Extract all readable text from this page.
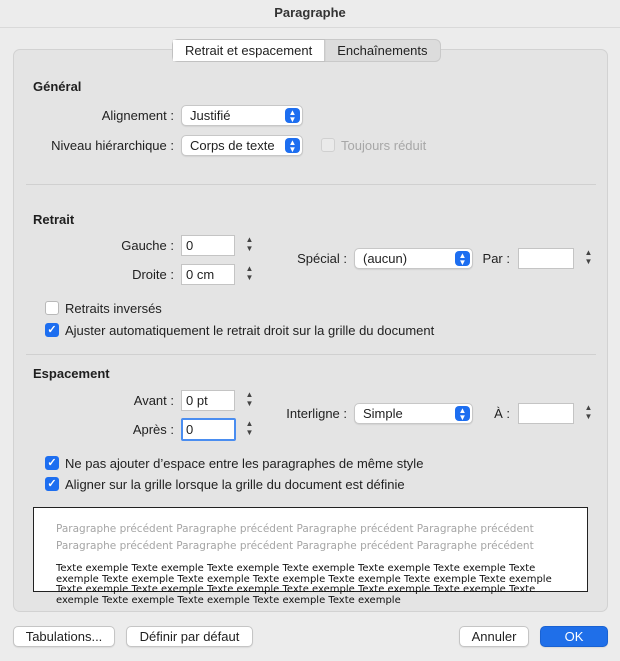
Paragraphe
Retrait et espacement	Enchaînements
Général
Alignement :	Justifié	▲
▼
Niveau hiérarchique :	Corps de texte	▲
▼	Toujours réduit
Retrait
Gauche :
0	▲
▼
Droite :
0 cm	▲
▼
Spécial :	(aucun)	▲
▼	Par :	▲
▼
Retraits inversés
✓ Ajuster automatiquement le retrait droit sur la grille du document
Espacement
Avant :
0 pt	▲
▼
Après :
0	▲
▼
Interligne :	Simple	▲
▼	À :	▲
▼
✓ Ne pas ajouter d’espace entre les paragraphes de même style
✓ Aligner sur la grille lorsque la grille du document est définie
Paragraphe précédent Paragraphe précédent Paragraphe précédent Paragraphe précédent Paragraphe précédent Paragraphe précédent Paragraphe précédent Paragraphe précédent
Texte exemple Texte exemple Texte exemple Texte exemple Texte exemple Texte exemple Texte exemple Texte exemple Texte exemple Texte exemple Texte exemple Texte exemple Texte exemple Texte exemple Texte exemple Texte exemple Texte exemple Texte exemple Texte exemple Texte exemple Texte exemple Texte exemple Texte exemple Texte exemple
Tabulations...	Définir par défaut	Annuler	OK
